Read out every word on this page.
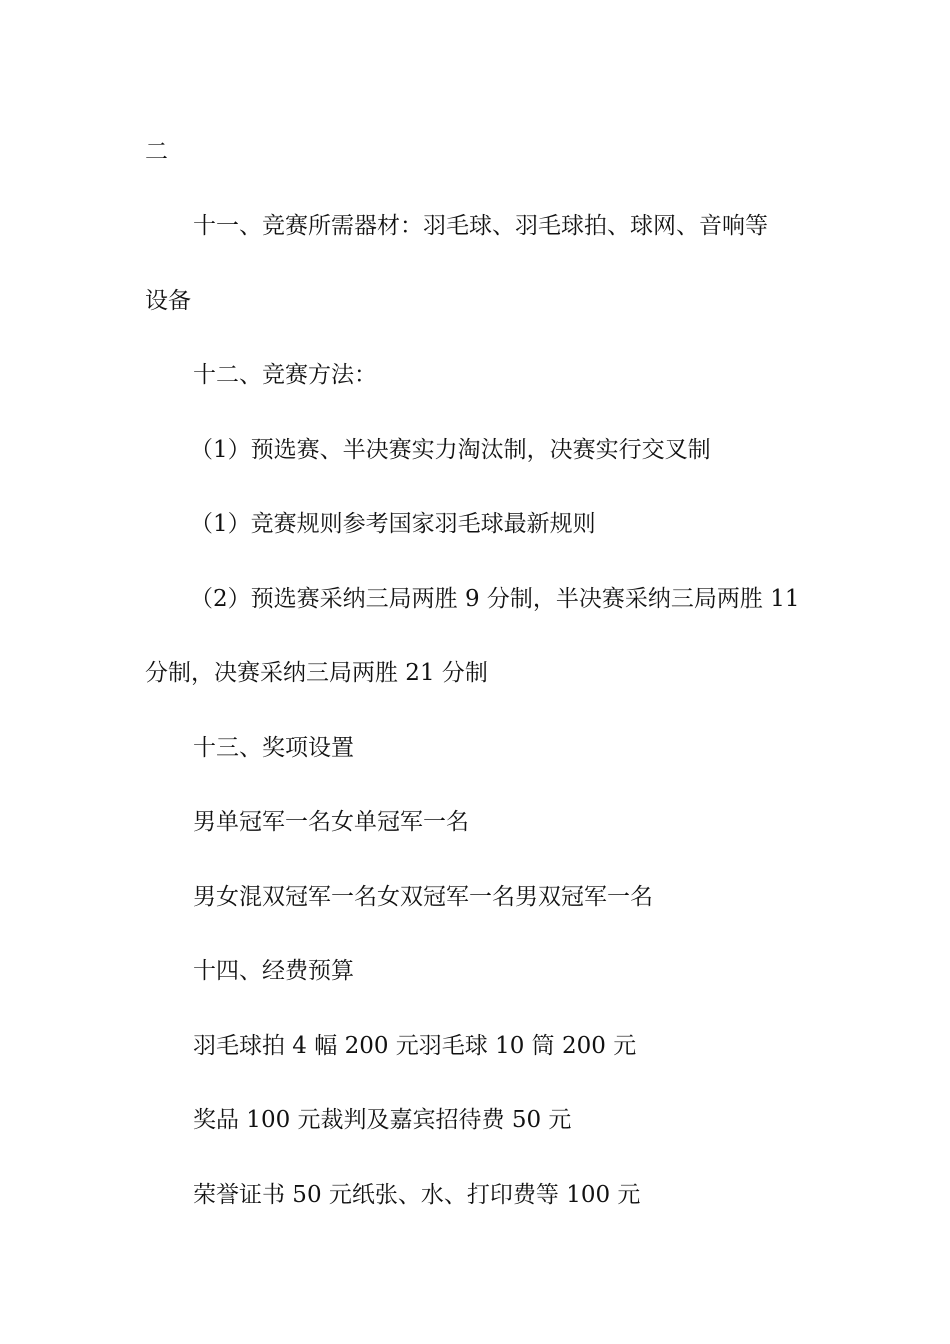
二
十一、竞赛所需器材：羽毛球、羽毛球拍、球网、音响等
设备
十二、竞赛方法：
（1）预选赛、半决赛实力淘汰制，决赛实行交叉制
（1）竞赛规则参考国家羽毛球最新规则
（2）预选赛采纳三局两胜 9 分制，半决赛采纳三局两胜 11
分制，决赛采纳三局两胜 21 分制
十三、奖项设置
男单冠军一名女单冠军一名
男女混双冠军一名女双冠军一名男双冠军一名
十四、经费预算
羽毛球拍 4 幅 200 元羽毛球 10 筒 200 元
奖品 100 元裁判及嘉宾招待费 50 元
荣誉证书 50 元纸张、水、打印费等 100 元
